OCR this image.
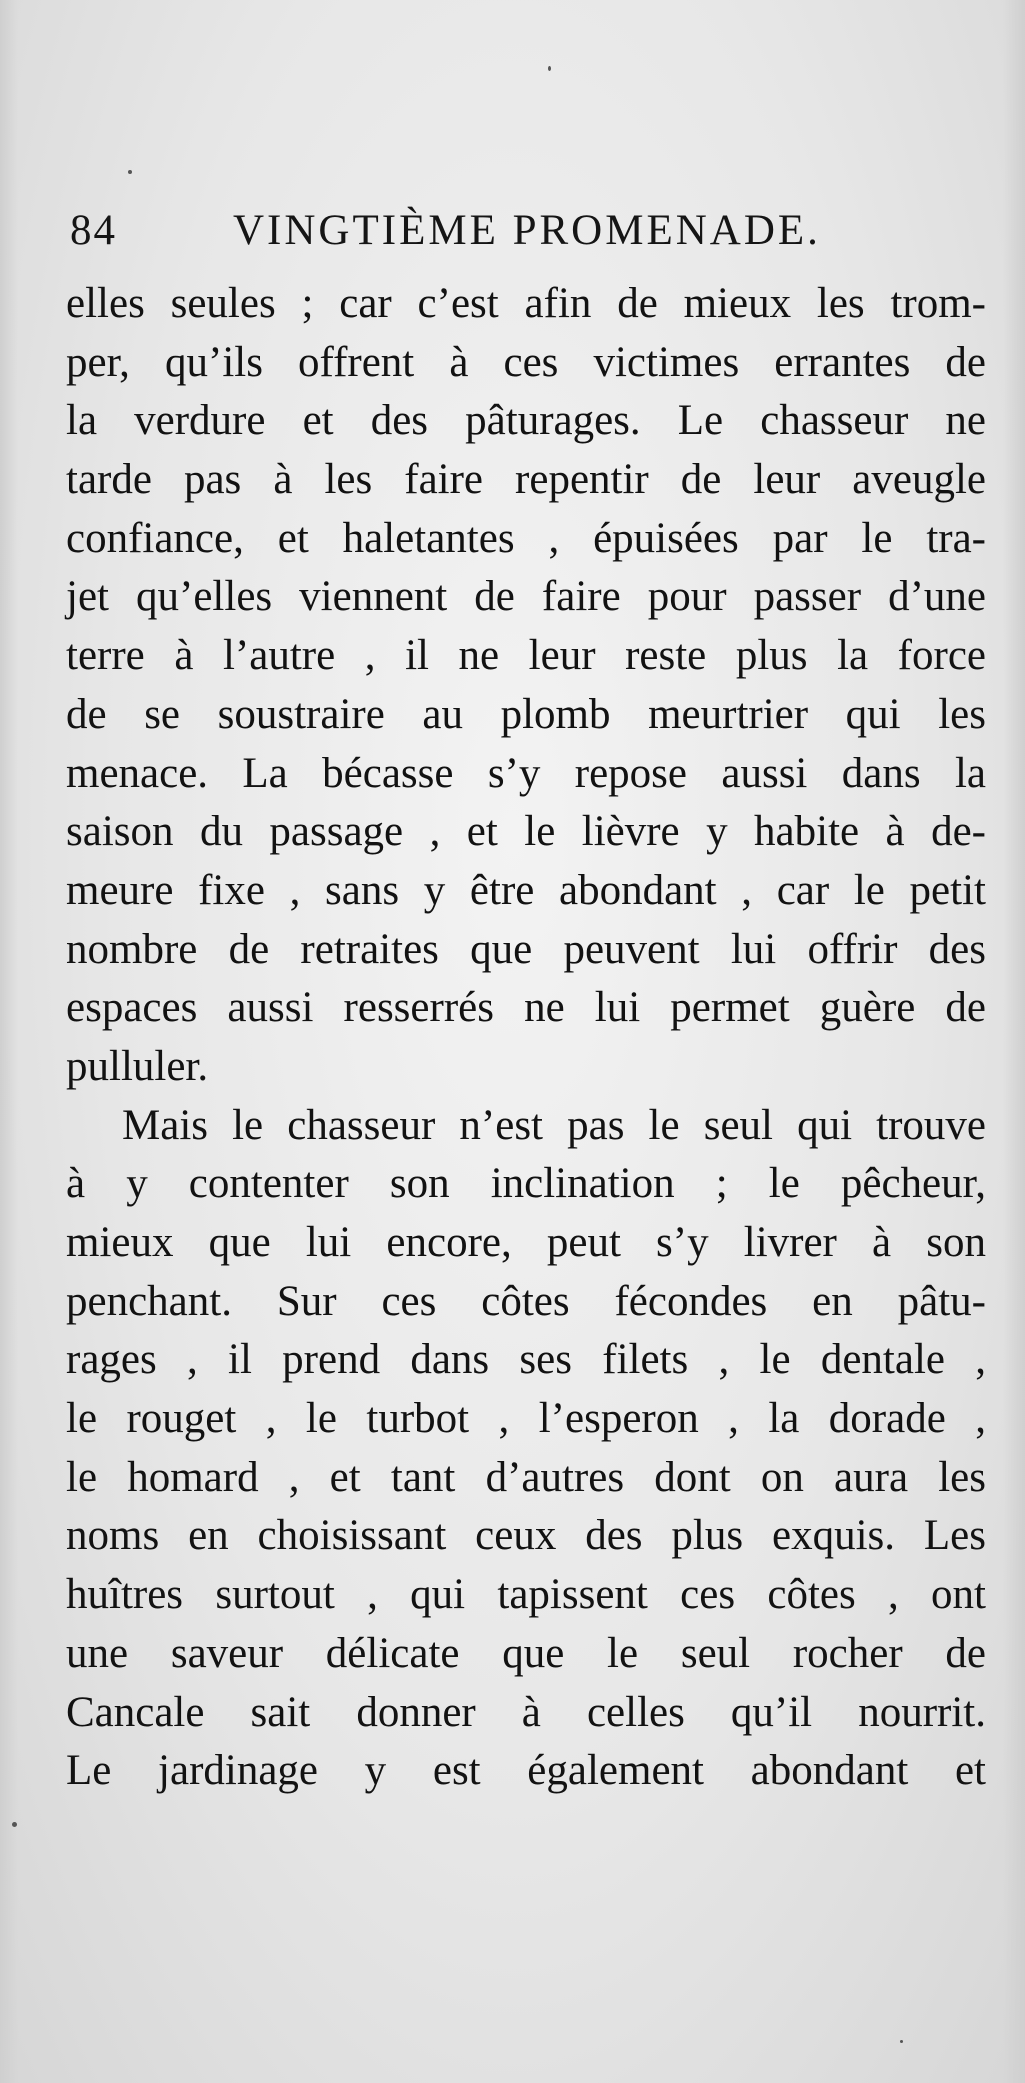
84	VINGTIÈME PROMENADE.
elles seules ; car c’est afin de mieux les trom-
per, qu’ils offrent à ces victimes errantes de
la verdure et des pâturages. Le chasseur ne
tarde pas à les faire repentir de leur aveugle
confiance, et haletantes , épuisées par le tra-
jet qu’elles viennent de faire pour passer d’une
terre à l’autre , il ne leur reste plus la force
de se soustraire au plomb meurtrier qui les
menace. La bécasse s’y repose aussi dans la
saison du passage , et le lièvre y habite à de-
meure fixe , sans y être abondant , car le petit
nombre de retraites que peuvent lui offrir des
espaces aussi resserrés ne lui permet guère de
pulluler.
Mais le chasseur n’est pas le seul qui trouve
à y contenter son inclination ; le pêcheur,
mieux que lui encore, peut s’y livrer à son
penchant. Sur ces côtes fécondes en pâtu-
rages , il prend dans ses filets , le dentale ,
le rouget , le turbot , l’esperon , la dorade ,
le homard , et tant d’autres dont on aura les
noms en choisissant ceux des plus exquis. Les
huîtres surtout , qui tapissent ces côtes , ont
une saveur délicate que le seul rocher de
Cancale sait donner à celles qu’il nourrit.
Le jardinage y est également abondant et
